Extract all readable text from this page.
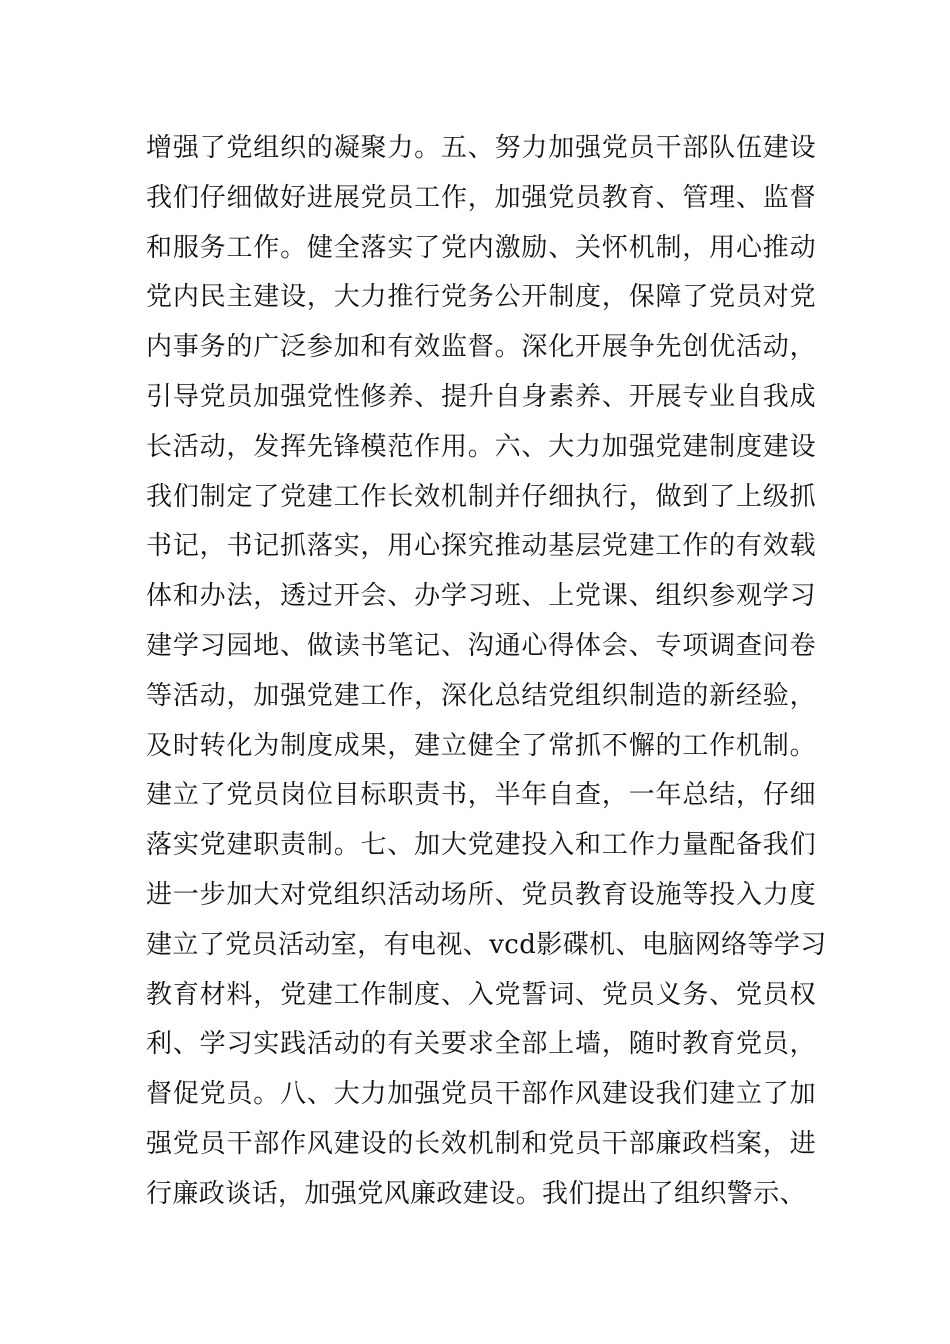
增强了党组织的凝聚力。五、努力加强党员干部队伍建设
我们仔细做好进展党员工作，加强党员教育、管理、监督
和服务工作。健全落实了党内激励、关怀机制，用心推动
党内民主建设，大力推行党务公开制度，保障了党员对党
内事务的广泛参加和有效监督。深化开展争先创优活动，
引导党员加强党性修养、提升自身素养、开展专业自我成
长活动，发挥先锋模范作用。六、大力加强党建制度建设
我们制定了党建工作长效机制并仔细执行，做到了上级抓
书记，书记抓落实，用心探究推动基层党建工作的有效载
体和办法，透过开会、办学习班、上党课、组织参观学习
建学习园地、做读书笔记、沟通心得体会、专项调查问卷
等活动，加强党建工作，深化总结党组织制造的新经验，
及时转化为制度成果，建立健全了常抓不懈的工作机制。
建立了党员岗位目标职责书，半年自查，一年总结，仔细
落实党建职责制。七、加大党建投入和工作力量配备我们
进一步加大对党组织活动场所、党员教育设施等投入力度
建立了党员活动室，有电视、vcd影碟机、电脑网络等学习
教育材料，党建工作制度、入党誓词、党员义务、党员权
利、学习实践活动的有关要求全部上墙，随时教育党员，
督促党员。八、大力加强党员干部作风建设我们建立了加
强党员干部作风建设的长效机制和党员干部廉政档案，进
行廉政谈话，加强党风廉政建设。我们提出了组织警示、
